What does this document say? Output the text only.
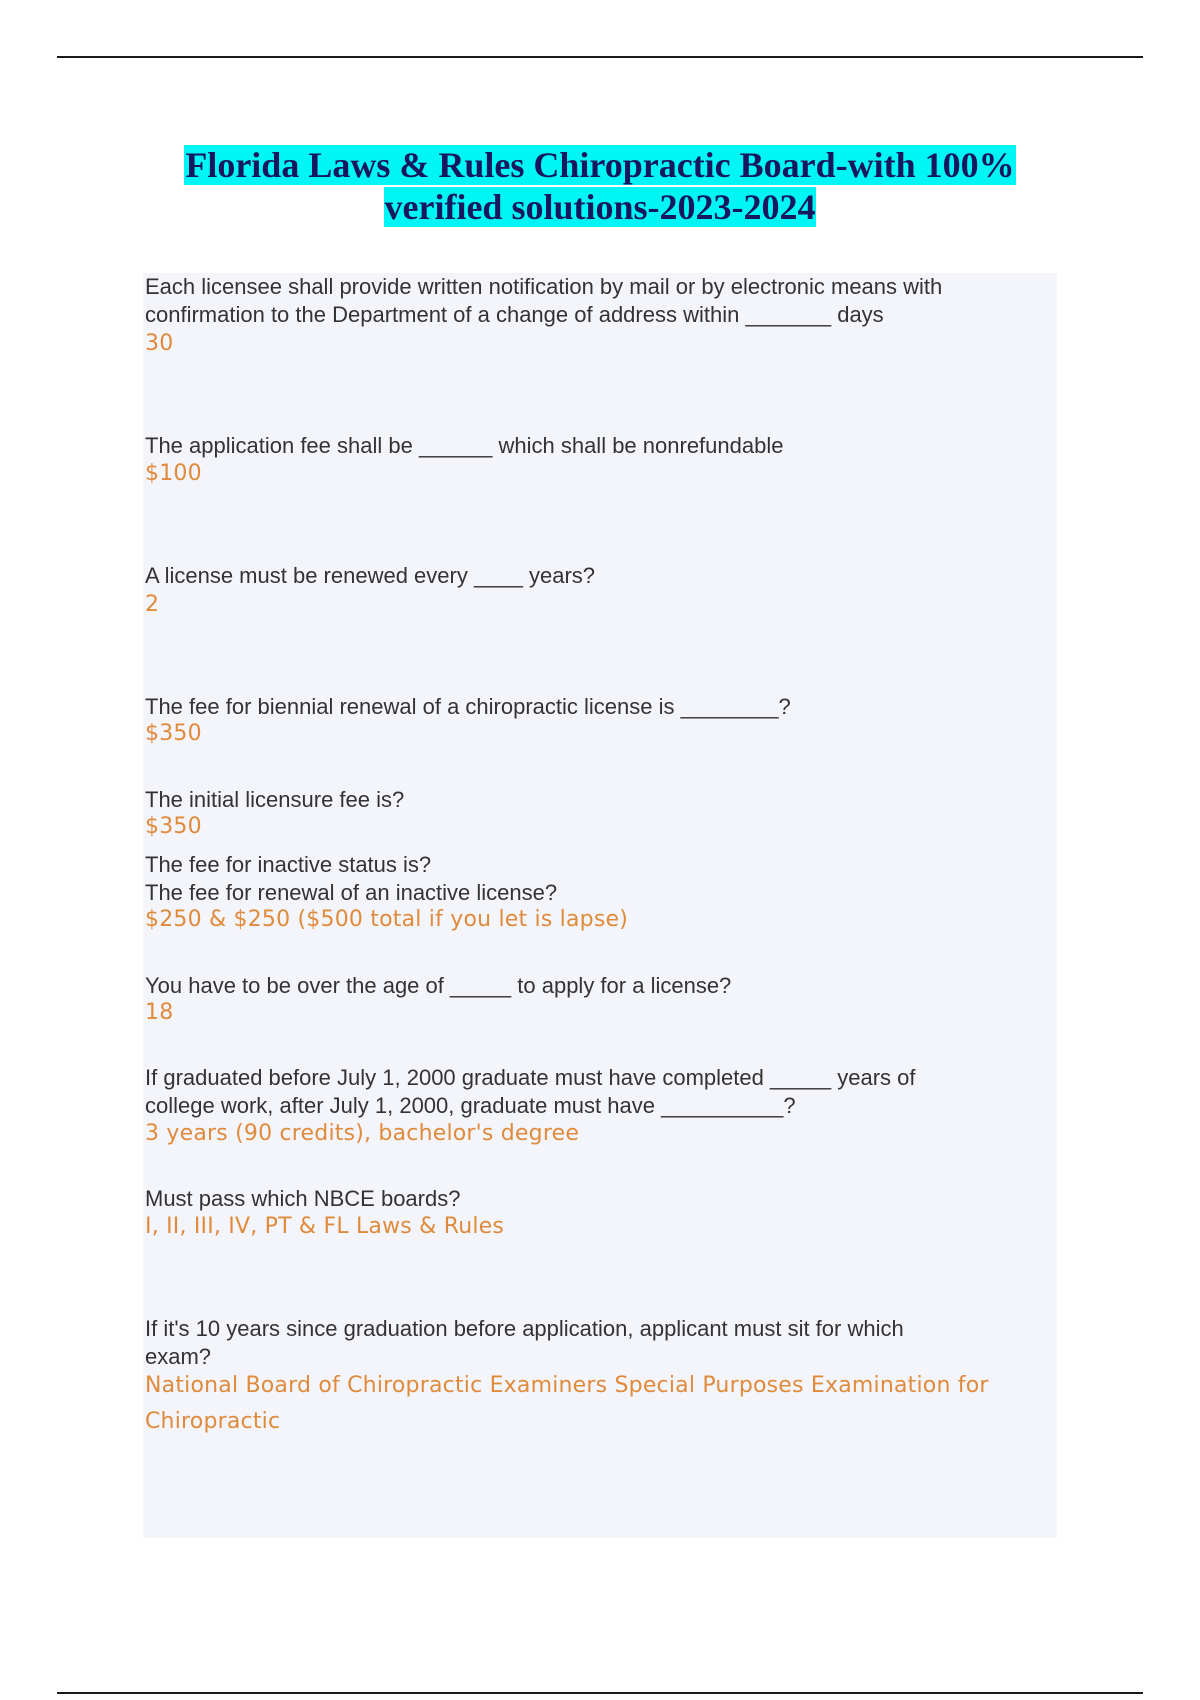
Florida Laws & Rules Chiropractic Board-with 100%
verified solutions-2023-2024

Each licensee shall provide written notification by mail or by electronic means with
confirmation to the Department of a change of address within _______ days

30

The application fee shall be ______ which shall be nonrefundable

$100

A license must be renewed every ____ years?

2

The fee for biennial renewal of a chiropractic license is ________?

$350

The initial licensure fee is?

$350

The fee for inactive status is?
The fee for renewal of an inactive license?

$250 & $250 ($500 total if you let is lapse)

You have to be over the age of _____ to apply for a license?

18

If graduated before July 1, 2000 graduate must have completed _____ years of
college work, after July 1, 2000, graduate must have __________?

3 years (90 credits), bachelor's degree

Must pass which NBCE boards?

I, II, III, IV, PT & FL Laws & Rules

If it's 10 years since graduation before application, applicant must sit for which
exam?

National Board of Chiropractic Examiners Special Purposes Examination for
Chiropractic
